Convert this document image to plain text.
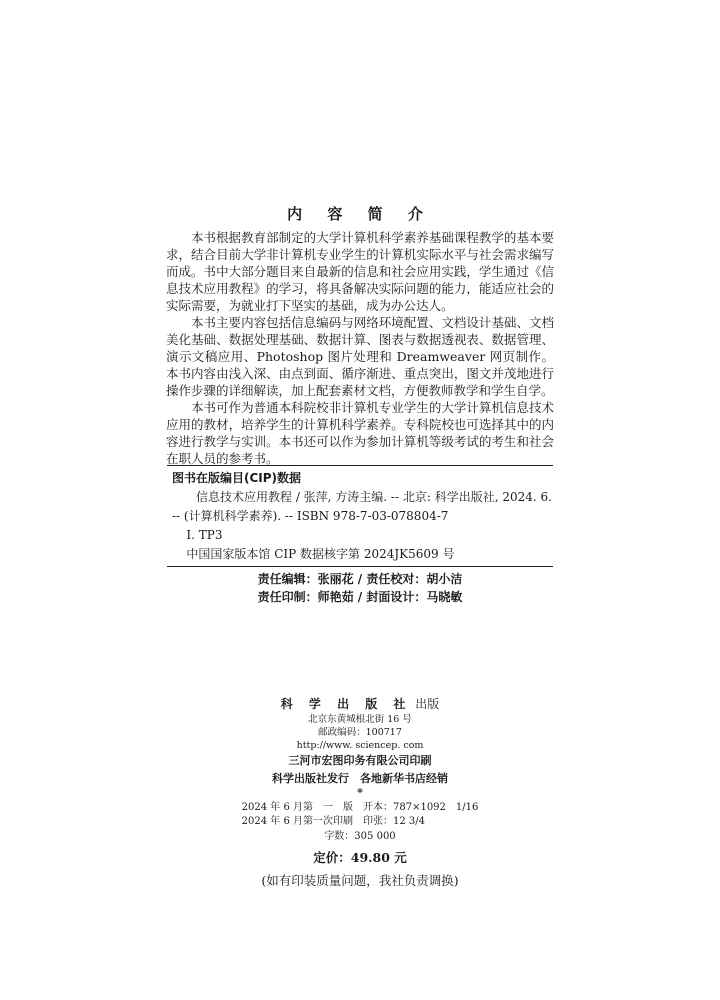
内 容 简 介

本书根据教育部制定的大学计算机科学素养基础课程教学的基本要求，结合目前大学非计算机专业学生的计算机实际水平与社会需求编写而成。书中大部分题目来自最新的信息和社会应用实践，学生通过《信息技术应用教程》的学习，将具备解决实际问题的能力，能适应社会的实际需要，为就业打下坚实的基础，成为办公达人。

本书主要内容包括信息编码与网络环境配置、文档设计基础、文档美化基础、数据处理基础、数据计算、图表与数据透视表、数据管理、演示文稿应用、Photoshop 图片处理和 Dreamweaver 网页制作。本书内容由浅入深、由点到面、循序渐进、重点突出，图文并茂地进行操作步骤的详细解读，加上配套素材文档，方便教师教学和学生自学。

本书可作为普通本科院校非计算机专业学生的大学计算机信息技术应用的教材，培养学生的计算机科学素养。专科院校也可选择其中的内容进行教学与实训。本书还可以作为参加计算机等级考试的考生和社会在职人员的参考书。

图书在版编目(CIP)数据

信息技术应用教程 / 张萍, 方涛主编. -- 北京: 科学出版社, 2024. 6. -- (计算机科学素养). -- ISBN 978-7-03-078804-7

Ⅰ. TP3

中国国家版本馆 CIP 数据核字第 2024JK5609 号

责任编辑：张丽花 / 责任校对：胡小洁
责任印制：师艳茹 / 封面设计：马晓敏
科 学 出 版 社 出版
北京东黄城根北街 16 号
邮政编码：100717
http://www. sciencep. com
三河市宏图印务有限公司印刷
科学出版社发行　各地新华书店经销
*
2024 年 6 月第　一　版　开本：787×1092　1/16
2024 年 6 月第一次印刷　印张：12 3/4
字数：305 000
定价：49.80 元
(如有印装质量问题，我社负责调换)
